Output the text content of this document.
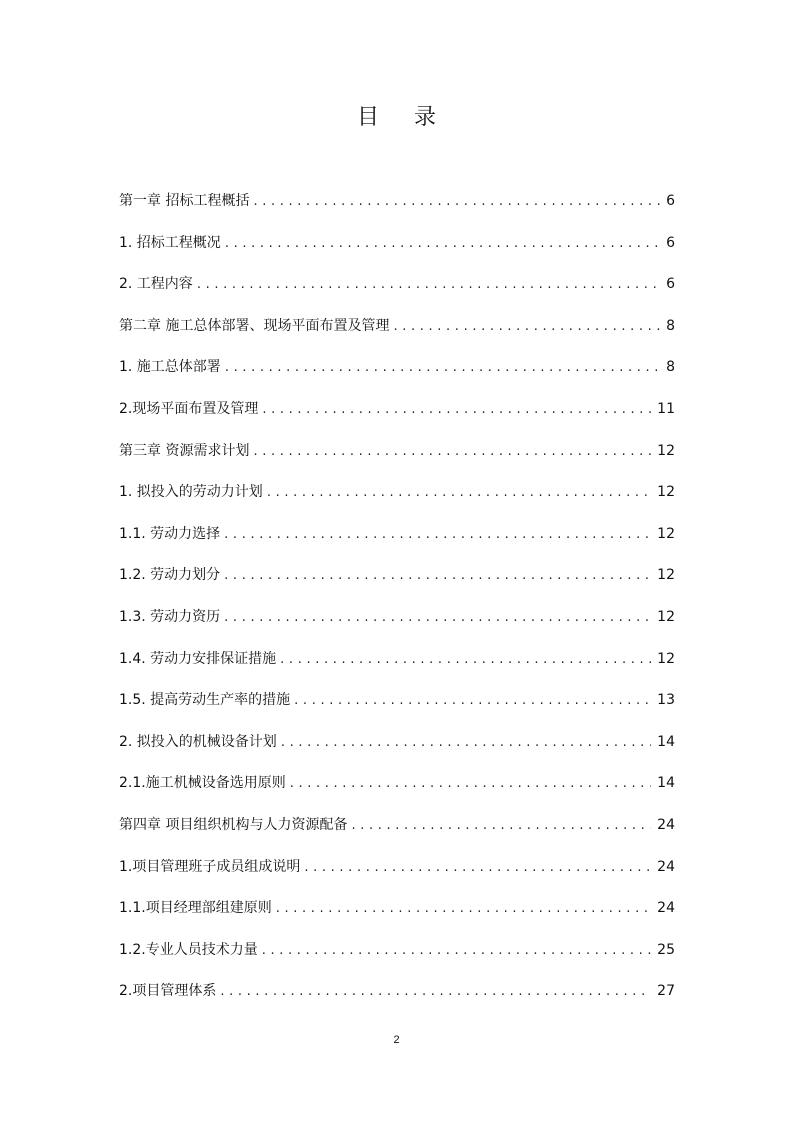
目 录
第一章 招标工程概括 . . .	6
1. 招标工程概况 . . .	6
2. 工程内容 . . .	6
第二章 施工总体部署、现场平面布置及管理 . . .	8
1. 施工总体部署 . . .	8
2.现场平面布置及管理 . . .	11
第三章 资源需求计划 . . .	12
1. 拟投入的劳动力计划 . . .	12
1.1. 劳动力选择 . . .	12
1.2. 劳动力划分 . . .	12
1.3. 劳动力资历 . . .	12
1.4. 劳动力安排保证措施 . . .	12
1.5. 提高劳动生产率的措施 . . .	13
2. 拟投入的机械设备计划 . . .	14
2.1.施工机械设备选用原则 . . .	14
第四章 项目组织机构与人力资源配备 . . .	24
1.项目管理班子成员组成说明 . . .	24
1.1.项目经理部组建原则 . . .	24
1.2.专业人员技术力量 . . .	25
2.项目管理体系 . . .	27
2
